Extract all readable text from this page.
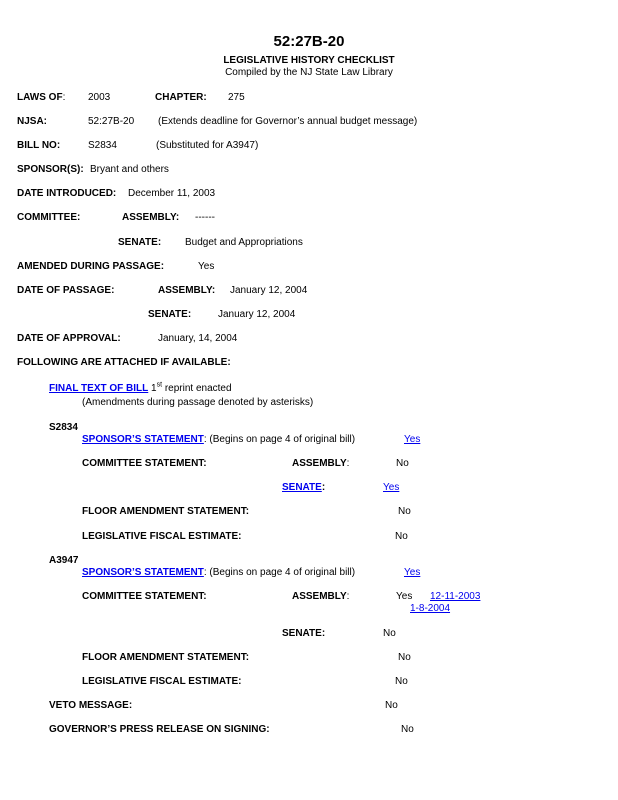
52:27B-20
LEGISLATIVE HISTORY CHECKLIST
Compiled by the NJ State Law Library
LAWS OF: 2003	CHAPTER: 275
NJSA:	52:27B-20 (Extends deadline for Governor’s annual budget message)
BILL NO:	S2834	(Substituted for A3947)
SPONSOR(S): Bryant and others
DATE INTRODUCED: December 11, 2003
COMMITTEE:	ASSEMBLY: ------
SENATE: Budget and Appropriations
AMENDED DURING PASSAGE:	Yes
DATE OF PASSAGE:	ASSEMBLY: January 12, 2004
SENATE:	January 12, 2004
DATE OF APPROVAL:	January, 14, 2004
FOLLOWING ARE ATTACHED IF AVAILABLE:
FINAL TEXT OF BILL 1st reprint enacted
(Amendments during passage denoted by asterisks)
S2834
SPONSOR’S STATEMENT: (Begins on page 4 of original bill)	Yes
COMMITTEE STATEMENT:	ASSEMBLY:	No
SENATE:	Yes
FLOOR AMENDMENT STATEMENT:	No
LEGISLATIVE FISCAL ESTIMATE:	No
A3947
SPONSOR’S STATEMENT: (Begins on page 4 of original bill)	Yes
COMMITTEE STATEMENT:	ASSEMBLY:	Yes 12-11-2003
1-8-2004
SENATE:	No
FLOOR AMENDMENT STATEMENT:	No
LEGISLATIVE FISCAL ESTIMATE:	No
VETO MESSAGE:	No
GOVERNOR’S PRESS RELEASE ON SIGNING:	No
